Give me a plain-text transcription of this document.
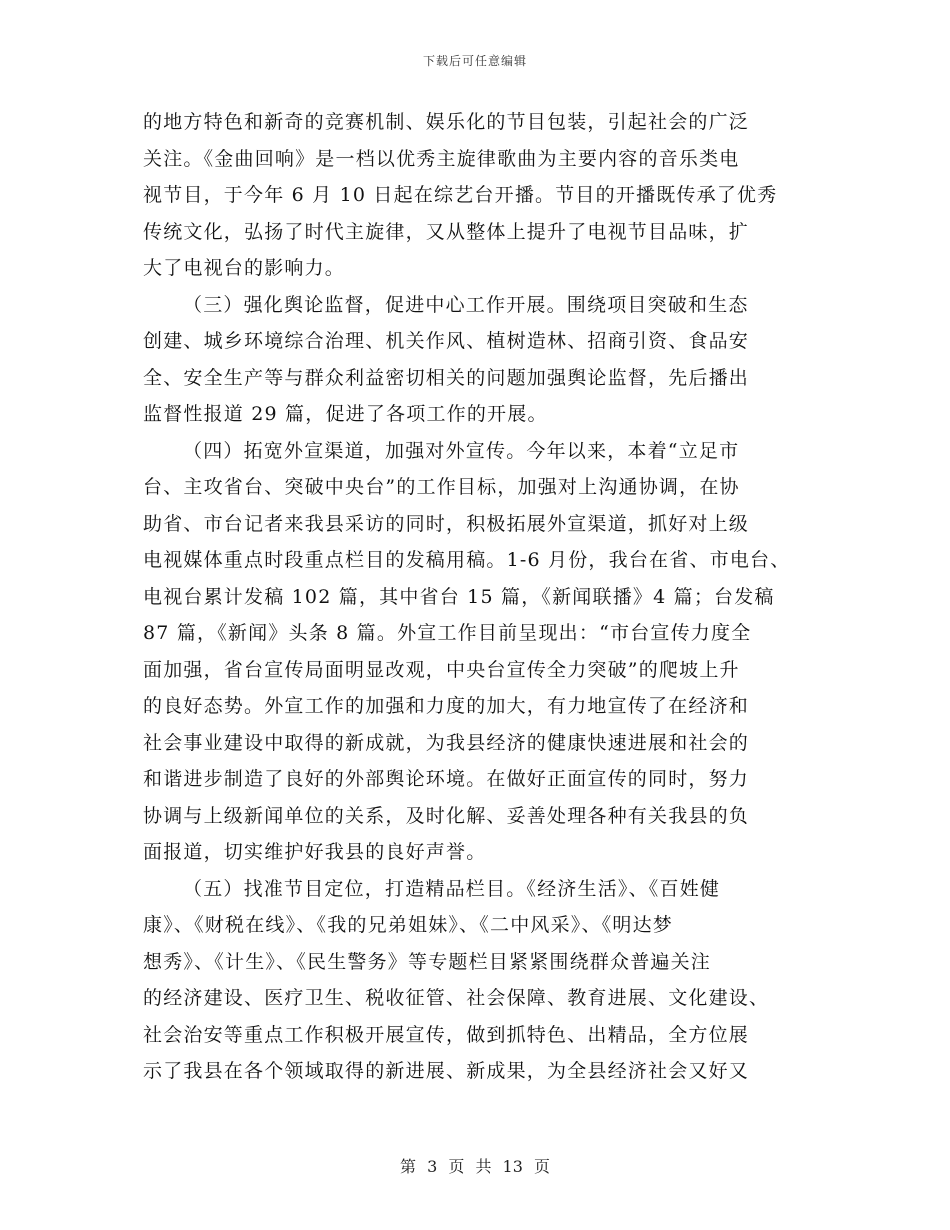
下载后可任意编辑
的地方特色和新奇的竞赛机制、娱乐化的节目包装，引起社会的广泛
关注。《金曲回响》是一档以优秀主旋律歌曲为主要内容的音乐类电
视节目，于今年 6 月 10 日起在综艺台开播。节目的开播既传承了优秀
传统文化，弘扬了时代主旋律，又从整体上提升了电视节目品味，扩
大了电视台的影响力。
（三）强化舆论监督，促进中心工作开展。围绕项目突破和生态
创建、城乡环境综合治理、机关作风、植树造林、招商引资、食品安
全、安全生产等与群众利益密切相关的问题加强舆论监督，先后播出
监督性报道 29 篇，促进了各项工作的开展。
（四）拓宽外宣渠道，加强对外宣传。今年以来，本着“立足市
台、主攻省台、突破中央台”的工作目标，加强对上沟通协调，在协
助省、市台记者来我县采访的同时，积极拓展外宣渠道，抓好对上级
电视媒体重点时段重点栏目的发稿用稿。1-6 月份，我台在省、市电台、
电视台累计发稿 102 篇，其中省台 15 篇，《新闻联播》4 篇；台发稿
87 篇，《新闻》头条 8 篇。外宣工作目前呈现出：“市台宣传力度全
面加强，省台宣传局面明显改观，中央台宣传全力突破”的爬坡上升
的良好态势。外宣工作的加强和力度的加大，有力地宣传了在经济和
社会事业建设中取得的新成就，为我县经济的健康快速进展和社会的
和谐进步制造了良好的外部舆论环境。在做好正面宣传的同时，努力
协调与上级新闻单位的关系，及时化解、妥善处理各种有关我县的负
面报道，切实维护好我县的良好声誉。
（五）找准节目定位，打造精品栏目。《经济生活》、《百姓健
康》、《财税在线》、《我的兄弟姐妹》、《二中风采》、《明达梦
想秀》、《计生》、《民生警务》等专题栏目紧紧围绕群众普遍关注
的经济建设、医疗卫生、税收征管、社会保障、教育进展、文化建设、
社会治安等重点工作积极开展宣传，做到抓特色、出精品，全方位展
示了我县在各个领域取得的新进展、新成果，为全县经济社会又好又
第 3 页 共 13 页
